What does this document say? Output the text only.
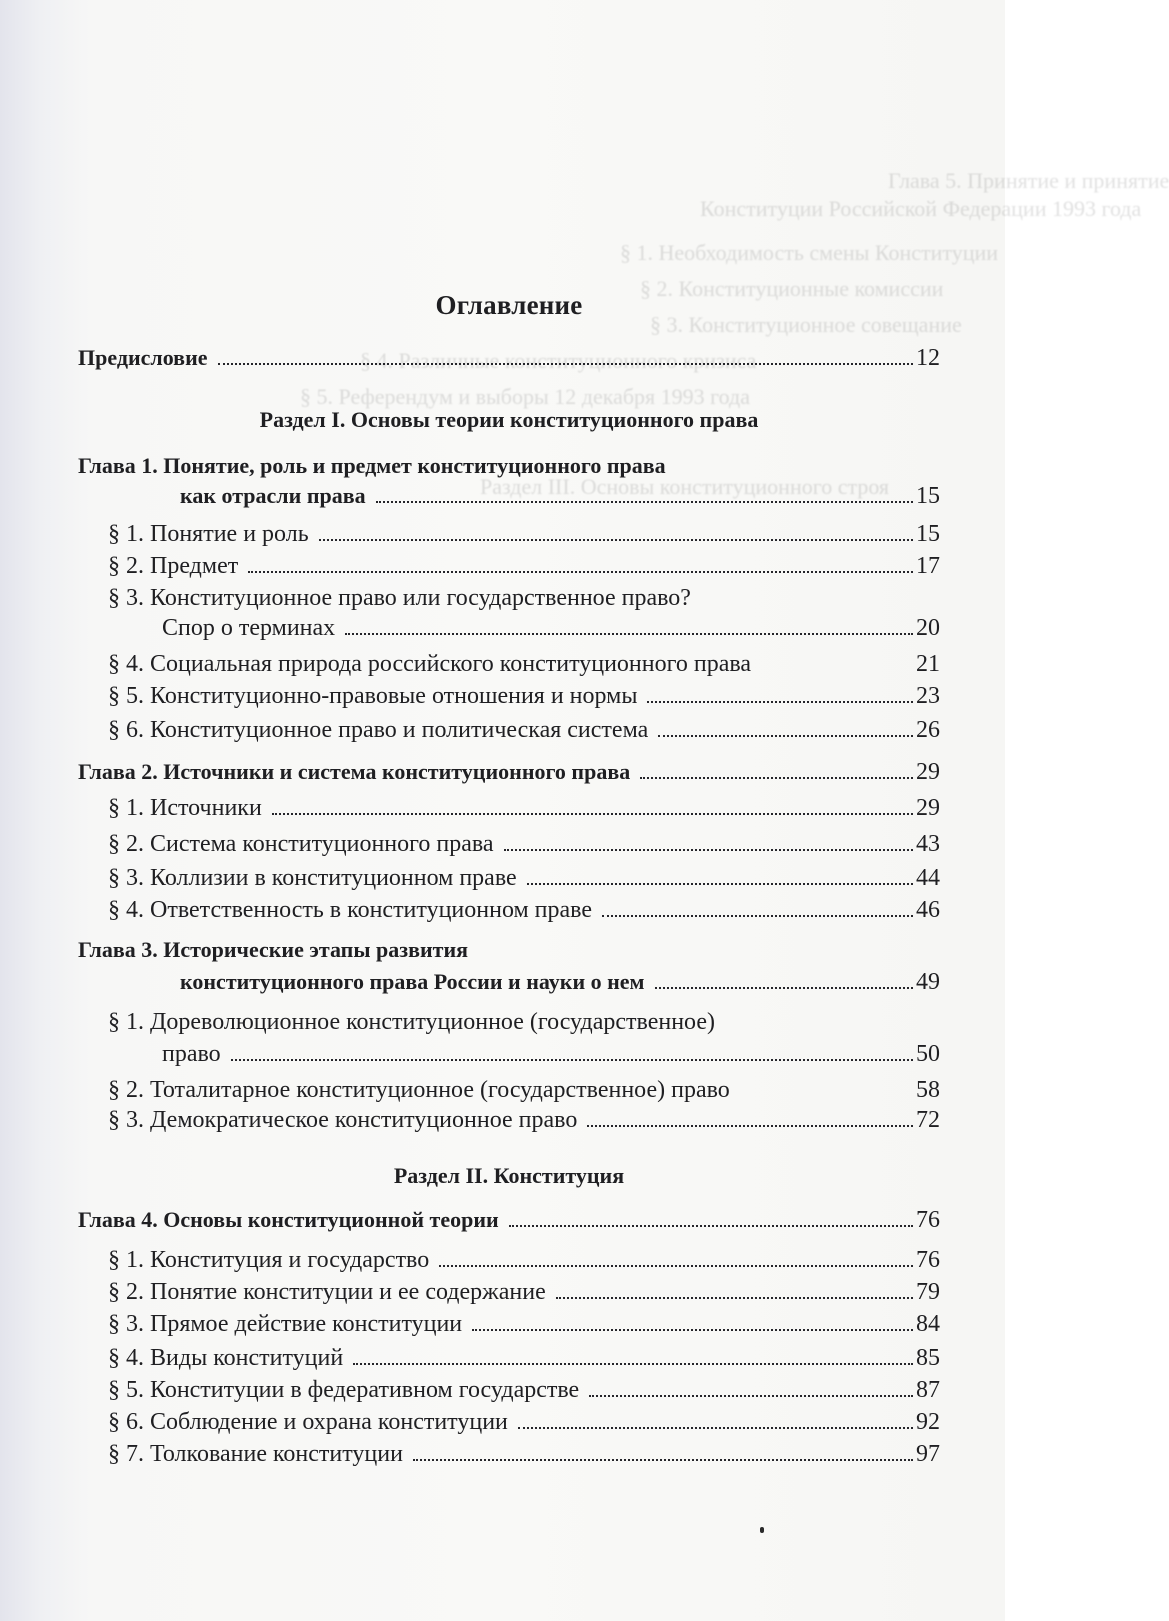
Глава 5. Принятие и принятие
Конституции Российской Федерации 1993 года
§ 1. Необходимость смены Конституции
§ 2. Конституционные комиссии
§ 3. Конституционное совещание
§ 4. Различные конституционного кризиса
§ 5. Референдум и выборы 12 декабря 1993 года
Раздел III. Основы конституционного строя
Оглавление
Предисловие	12
Раздел I. Основы теории конституционного права
Глава 1. Понятие, роль и предмет конституционного права
как отрасли права	15
§ 1. Понятие и роль	15
§ 2. Предмет	17
§ 3. Конституционное право или государственное право?
Спор о терминах	20
§ 4. Социальная природа российского конституционного права	21
§ 5. Конституционно-правовые отношения и нормы	23
§ 6. Конституционное право и политическая система	26
Глава 2. Источники и система конституционного права	29
§ 1. Источники	29
§ 2. Система конституционного права	43
§ 3. Коллизии в конституционном праве	44
§ 4. Ответственность в конституционном праве	46
Глава 3. Исторические этапы развития
конституционного права России и науки о нем	49
§ 1. Дореволюционное конституционное (государственное)
право	50
§ 2. Тоталитарное конституционное (государственное) право	58
§ 3. Демократическое конституционное право	72
Раздел II. Конституция
Глава 4. Основы конституционной теории	76
§ 1. Конституция и государство	76
§ 2. Понятие конституции и ее содержание	79
§ 3. Прямое действие конституции	84
§ 4. Виды конституций	85
§ 5. Конституции в федеративном государстве	87
§ 6. Соблюдение и охрана конституции	92
§ 7. Толкование конституции	97
